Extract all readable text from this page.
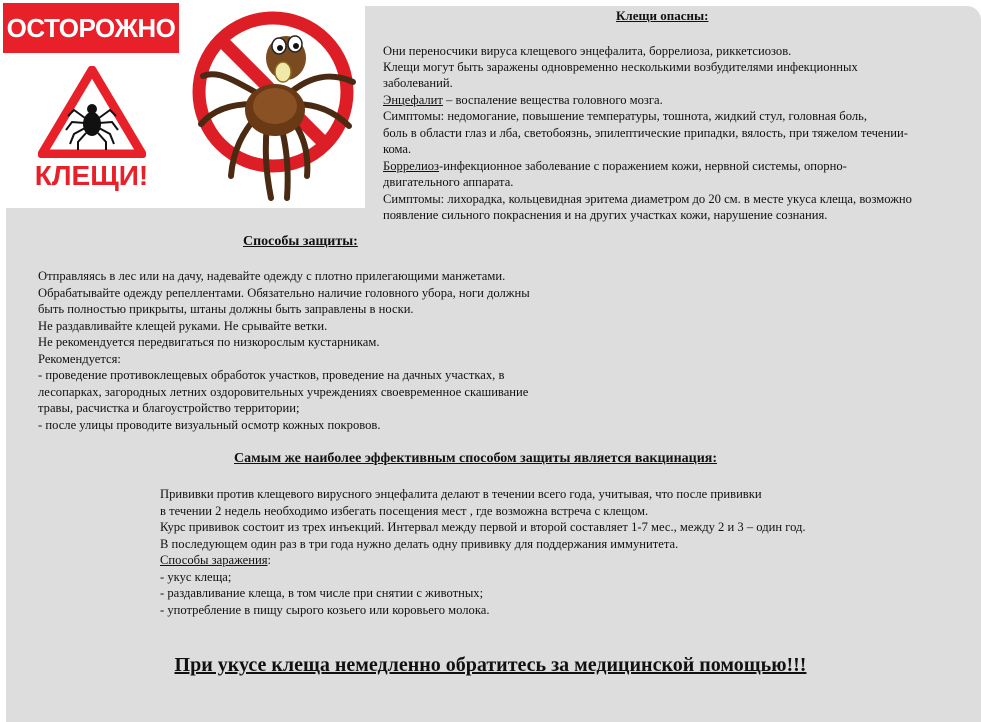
ОСТОРОЖНО
КЛЕЩИ!
Клещи опасны:
Они переносчики вируса клещевого энцефалита, боррелиоза, риккетсиозов.
Клещи могут быть заражены одновременно несколькими возбудителями инфекционных
заболеваний.
Энцефалит – воспаление вещества головного мозга.
Симптомы: недомогание, повышение температуры, тошнота, жидкий стул, головная боль,
боль в области глаз и лба, светобоязнь, эпилептические припадки, вялость, при тяжелом течении-
кома.
Боррелиоз-инфекционное заболевание с поражением кожи, нервной системы, опорно-
двигательного аппарата.
Симптомы: лихорадка, кольцевидная эритема диаметром до 20 см. в месте укуса клеща, возможно
появление сильного покраснения и на других участках кожи, нарушение сознания.
Способы защиты:
Отправляясь в лес или на дачу, надевайте одежду с плотно прилегающими манжетами.
Обрабатывайте одежду репеллентами. Обязательно наличие головного убора, ноги должны
быть полностью прикрыты, штаны должны быть заправлены в носки.
Не раздавливайте клещей руками. Не срывайте ветки.
Не рекомендуется передвигаться по низкорослым кустарникам.
Рекомендуется:
- проведение противоклещевых обработок участков, проведение на дачных участках, в
лесопарках, загородных летних оздоровительных учреждениях своевременное скашивание
травы, расчистка и благоустройство территории;
- после улицы проводите визуальный осмотр кожных покровов.
Самым же наиболее эффективным способом защиты является вакцинация:
Прививки против клещевого вирусного энцефалита делают в течении всего года, учитывая, что после прививки
в течении 2 недель необходимо избегать посещения мест , где возможна встреча с клещом.
Курс прививок состоит из трех инъекций. Интервал между первой и второй составляет 1-7 мес., между 2 и 3 – один год.
В последующем один раз в три года нужно делать одну прививку для поддержания иммунитета.
Способы заражения:
- укус клеща;
- раздавливание клеща, в том числе при снятии с животных;
- употребление в пищу сырого козьего или коровьего молока.
При укусе клеща немедленно обратитесь за медицинской помощью!!!
